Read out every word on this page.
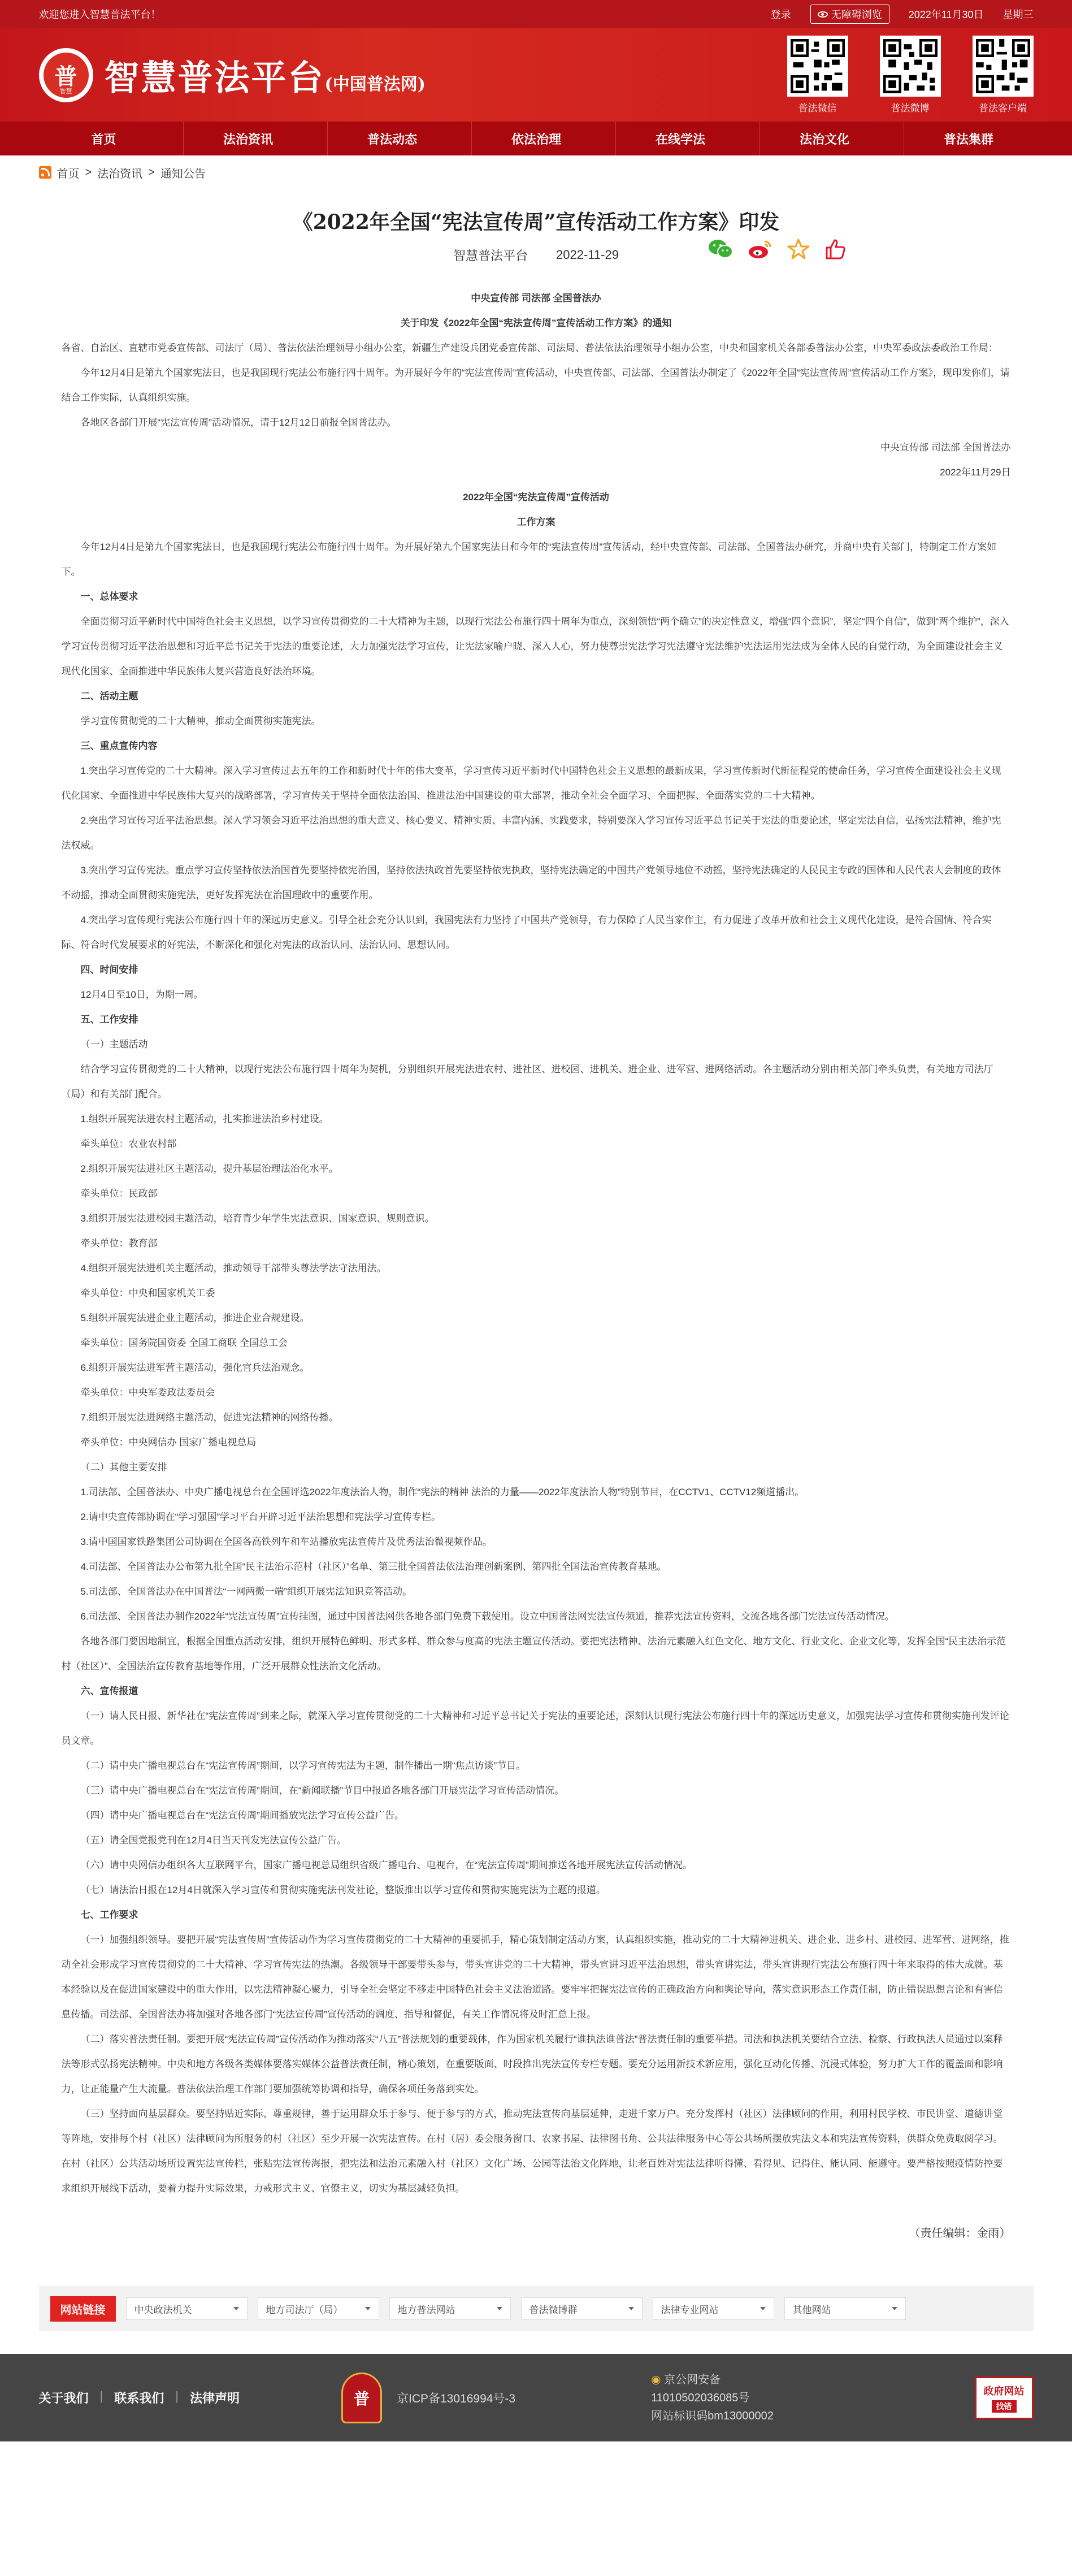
欢迎您进入智慧普法平台！	登录	无障碍浏览	2022年11月30日 星期三
普
智慧 智慧普法平台(中国普法网)
普法微信	普法微博	普法客户端
首页	法治资讯	普法动态	依法治理	在线学法	法治文化	普法集群
首页 > 法治资讯 > 通知公告
《2022年全国“宪法宣传周”宣传活动工作方案》印发
智慧普法平台 2022-11-29

中央宣传部 司法部 全国普法办

关于印发《2022年全国“宪法宣传周”宣传活动工作方案》的通知

各省、自治区、直辖市党委宣传部、司法厅（局）、普法依法治理领导小组办公室，新疆生产建设兵团党委宣传部、司法局、普法依法治理领导小组办公室，中央和国家机关各部委普法办公室，中央军委政法委政治工作局：

今年12月4日是第九个国家宪法日，也是我国现行宪法公布施行四十周年。为开展好今年的“宪法宣传周”宣传活动，中央宣传部、司法部、全国普法办制定了《2022年全国“宪法宣传周”宣传活动工作方案》，现印发你们，请结合工作实际，认真组织实施。

各地区各部门开展“宪法宣传周”活动情况，请于12月12日前报全国普法办。

中央宣传部 司法部 全国普法办

2022年11月29日

2022年全国“宪法宣传周”宣传活动

工作方案

今年12月4日是第九个国家宪法日，也是我国现行宪法公布施行四十周年。为开展好第九个国家宪法日和今年的“宪法宣传周”宣传活动，经中央宣传部、司法部、全国普法办研究，并商中央有关部门，特制定工作方案如下。

一、总体要求

全面贯彻习近平新时代中国特色社会主义思想，以学习宣传贯彻党的二十大精神为主题，以现行宪法公布施行四十周年为重点，深刻领悟“两个确立”的决定性意义，增强“四个意识”，坚定“四个自信”，做到“两个维护”，深入学习宣传贯彻习近平法治思想和习近平总书记关于宪法的重要论述，大力加强宪法学习宣传，让宪法家喻户晓、深入人心，努力使尊崇宪法学习宪法遵守宪法维护宪法运用宪法成为全体人民的自觉行动，为全面建设社会主义现代化国家、全面推进中华民族伟大复兴营造良好法治环境。

二、活动主题

学习宣传贯彻党的二十大精神，推动全面贯彻实施宪法。

三、重点宣传内容

1.突出学习宣传党的二十大精神。深入学习宣传过去五年的工作和新时代十年的伟大变革，学习宣传习近平新时代中国特色社会主义思想的最新成果，学习宣传新时代新征程党的使命任务，学习宣传全面建设社会主义现代化国家、全面推进中华民族伟大复兴的战略部署，学习宣传关于坚持全面依法治国、推进法治中国建设的重大部署，推动全社会全面学习、全面把握、全面落实党的二十大精神。

2.突出学习宣传习近平法治思想。深入学习领会习近平法治思想的重大意义、核心要义、精神实质、丰富内涵、实践要求，特别要深入学习宣传习近平总书记关于宪法的重要论述，坚定宪法自信，弘扬宪法精神，维护宪法权威。

3.突出学习宣传宪法。重点学习宣传坚持依法治国首先要坚持依宪治国，坚持依法执政首先要坚持依宪执政，坚持宪法确定的中国共产党领导地位不动摇，坚持宪法确定的人民民主专政的国体和人民代表大会制度的政体不动摇，推动全面贯彻实施宪法，更好发挥宪法在治国理政中的重要作用。

4.突出学习宣传现行宪法公布施行四十年的深远历史意义。引导全社会充分认识到，我国宪法有力坚持了中国共产党领导，有力保障了人民当家作主，有力促进了改革开放和社会主义现代化建设，是符合国情、符合实际、符合时代发展要求的好宪法，不断深化和强化对宪法的政治认同、法治认同、思想认同。

四、时间安排

12月4日至10日，为期一周。

五、工作安排

（一）主题活动

结合学习宣传贯彻党的二十大精神，以现行宪法公布施行四十周年为契机，分别组织开展宪法进农村、进社区、进校园、进机关、进企业、进军营、进网络活动。各主题活动分别由相关部门牵头负责，有关地方司法厅（局）和有关部门配合。

1.组织开展宪法进农村主题活动，扎实推进法治乡村建设。

牵头单位：农业农村部

2.组织开展宪法进社区主题活动，提升基层治理法治化水平。

牵头单位：民政部

3.组织开展宪法进校园主题活动，培育青少年学生宪法意识、国家意识、规则意识。

牵头单位：教育部

4.组织开展宪法进机关主题活动，推动领导干部带头尊法学法守法用法。

牵头单位：中央和国家机关工委

5.组织开展宪法进企业主题活动，推进企业合规建设。

牵头单位：国务院国资委 全国工商联 全国总工会

6.组织开展宪法进军营主题活动，强化官兵法治观念。

牵头单位：中央军委政法委员会

7.组织开展宪法进网络主题活动，促进宪法精神的网络传播。

牵头单位：中央网信办 国家广播电视总局

（二）其他主要安排

1.司法部、全国普法办、中央广播电视总台在全国评选2022年度法治人物，制作“宪法的精神 法治的力量——2022年度法治人物”特别节目，在CCTV1、CCTV12频道播出。

2.请中央宣传部协调在“学习强国”学习平台开辟习近平法治思想和宪法学习宣传专栏。

3.请中国国家铁路集团公司协调在全国各高铁列车和车站播放宪法宣传片及优秀法治微视频作品。

4.司法部、全国普法办公布第九批全国“民主法治示范村（社区）”名单、第三批全国普法依法治理创新案例、第四批全国法治宣传教育基地。

5.司法部、全国普法办在中国普法“一网两微一端”组织开展宪法知识竞答活动。

6.司法部、全国普法办制作2022年“宪法宣传周”宣传挂图，通过中国普法网供各地各部门免费下载使用。设立中国普法网宪法宣传频道，推荐宪法宣传资料，交流各地各部门宪法宣传活动情况。

各地各部门要因地制宜，根据全国重点活动安排，组织开展特色鲜明、形式多样、群众参与度高的宪法主题宣传活动。要把宪法精神、法治元素融入红色文化、地方文化、行业文化、企业文化等，发挥全国“民主法治示范村（社区）”、全国法治宣传教育基地等作用，广泛开展群众性法治文化活动。

六、宣传报道

（一）请人民日报、新华社在“宪法宣传周”到来之际，就深入学习宣传贯彻党的二十大精神和习近平总书记关于宪法的重要论述，深刻认识现行宪法公布施行四十年的深远历史意义，加强宪法学习宣传和贯彻实施刊发评论员文章。

（二）请中央广播电视总台在“宪法宣传周”期间，以学习宣传宪法为主题，制作播出一期“焦点访谈”节目。

（三）请中央广播电视总台在“宪法宣传周”期间，在“新闻联播”节目中报道各地各部门开展宪法学习宣传活动情况。

（四）请中央广播电视总台在“宪法宣传周”期间播放宪法学习宣传公益广告。

（五）请全国党报党刊在12月4日当天刊发宪法宣传公益广告。

（六）请中央网信办组织各大互联网平台，国家广播电视总局组织省级广播电台、电视台，在“宪法宣传周”期间推送各地开展宪法宣传活动情况。

（七）请法治日报在12月4日就深入学习宣传和贯彻实施宪法刊发社论，整版推出以学习宣传和贯彻实施宪法为主题的报道。

七、工作要求

（一）加强组织领导。要把开展“宪法宣传周”宣传活动作为学习宣传贯彻党的二十大精神的重要抓手，精心策划制定活动方案，认真组织实施，推动党的二十大精神进机关、进企业、进乡村、进校园、进军营、进网络，推动全社会形成学习宣传贯彻党的二十大精神、学习宣传宪法的热潮。各级领导干部要带头参与，带头宣讲党的二十大精神，带头宣讲习近平法治思想，带头宣讲宪法，带头宣讲现行宪法公布施行四十年来取得的伟大成就。基本经验以及在促进国家建设中的重大作用，以宪法精神凝心聚力，引导全社会坚定不移走中国特色社会主义法治道路。要牢牢把握宪法宣传的正确政治方向和舆论导向，落实意识形态工作责任制，防止错误思想言论和有害信息传播。司法部、全国普法办将加强对各地各部门“宪法宣传周”宣传活动的调度、指导和督促，有关工作情况将及时汇总上报。

（二）落实普法责任制。要把开展“宪法宣传周”宣传活动作为推动落实“八五”普法规划的重要载体，作为国家机关履行“谁执法谁普法”普法责任制的重要举措。司法和执法机关要结合立法、检察、行政执法人员通过以案释法等形式弘扬宪法精神。中央和地方各级各类媒体要落实媒体公益普法责任制，精心策划，在重要版面、时段推出宪法宣传专栏专题。要充分运用新技术新应用，强化互动化传播、沉浸式体验，努力扩大工作的覆盖面和影响力，让正能量产生大流量。普法依法治理工作部门要加强统筹协调和指导，确保各项任务落到实处。

（三）坚持面向基层群众。要坚持贴近实际、尊重规律，善于运用群众乐于参与、便于参与的方式，推动宪法宣传向基层延伸，走进千家万户。充分发挥村（社区）法律顾问的作用，利用村民学校、市民讲堂、道德讲堂等阵地，安排每个村（社区）法律顾问为所服务的村（社区）至少开展一次宪法宣传。在村（居）委会服务窗口、农家书屋、法律图书角、公共法律服务中心等公共场所摆放宪法文本和宪法宣传资料，供群众免费取阅学习。在村（社区）公共活动场所设置宪法宣传栏，张贴宪法宣传海报，把宪法和法治元素融入村（社区）文化广场、公园等法治文化阵地，让老百姓对宪法法律听得懂、看得见、记得住、能认同、能遵守。要严格按照疫情防控要求组织开展线下活动，要着力提升实际效果，力戒形式主义、官僚主义，切实为基层减轻负担。

（责任编辑：金雨）
网站链接	中央政法机关	地方司法厅（局）	地方普法网站	普法微博群	法律专业网站	其他网站
关于我们 | 联系我们 | 法律声明	普	京ICP备13016994号-3
◉ 京公网安备
11010502036085号
网站标识码bm13000002
政府网站
找错
